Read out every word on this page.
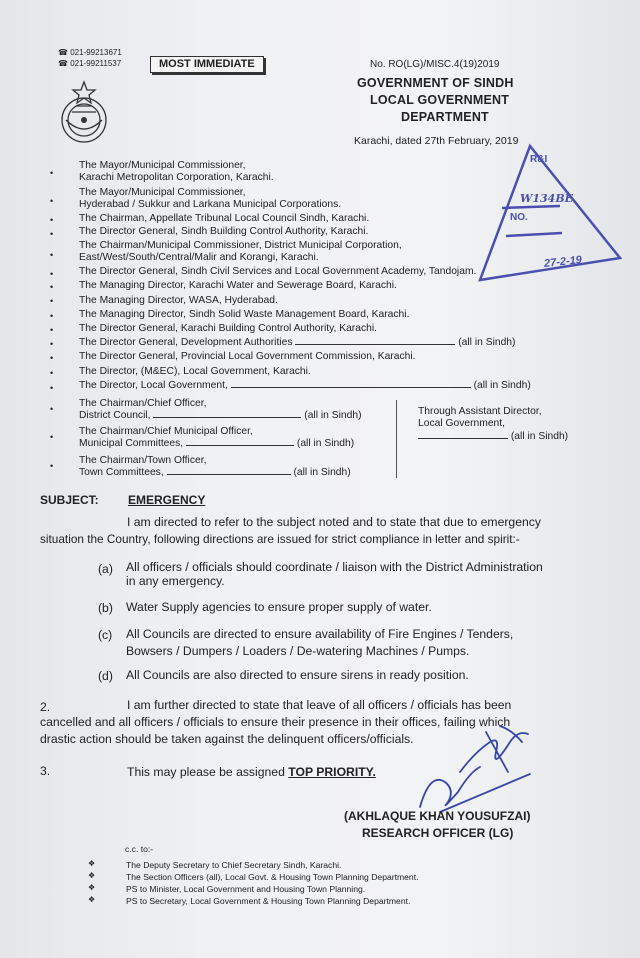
☎ 021-99213671
☎ 021-99211537	MOST IMMEDIATE	No. RO(LG)/MISC.4(19)2019
GOVERNMENT OF SINDH
LOCAL GOVERNMENT
DEPARTMENT
Karachi, dated 27th February, 2019
R&I
W134BE
NO.
27-2-19
•
The Mayor/Municipal Commissioner,
Karachi Metropolitan Corporation, Karachi.
•
The Mayor/Municipal Commissioner,
Hyderabad / Sukkur and Larkana Municipal Corporations.
•	The Chairman, Appellate Tribunal Local Council Sindh, Karachi.
•	The Director General, Sindh Building Control Authority, Karachi.
•
The Chairman/Municipal Commissioner, District Municipal Corporation,
East/West/South/Central/Malir and Korangi, Karachi.
•	The Director General, Sindh Civil Services and Local Government Academy, Tandojam.
•	The Managing Director, Karachi Water and Sewerage Board, Karachi.
•	The Managing Director, WASA, Hyderabad.
•	The Managing Director, Sindh Solid Waste Management Board, Karachi.
•	The Director General, Karachi Building Control Authority, Karachi.
•	The Director General, Development Authorities	(all in Sindh)
•	The Director General, Provincial Local Government Commission, Karachi.
•	The Director, (M&EC), Local Government, Karachi.
•	The Director, Local Government,	(all in Sindh)
•	The Chairman/Chief Officer,
District Council,	(all in Sindh)
•	The Chairman/Chief Municipal Officer,
Municipal Committees,	(all in Sindh)
•	The Chairman/Town Officer,
Town Committees,	(all in Sindh)
Through Assistant Director,
Local Government,
(all in Sindh)
SUBJECT: EMERGENCY
I am directed to refer to the subject noted and to state that due to emergency
situation the Country, following directions are issued for strict compliance in letter and spirit:-
(a) All officers / officials should coordinate / liaison with the District Administration
in any emergency.
(b) Water Supply agencies to ensure proper supply of water.
(c) All Councils are directed to ensure availability of Fire Engines / Tenders,
Bowsers / Dumpers / Loaders / De-watering Machines / Pumps.
(d) All Councils are also directed to ensure sirens in ready position.
2.	I am further directed to state that leave of all officers / officials has been
cancelled and all officers / officials to ensure their presence in their offices, failing which
drastic action should be taken against the delinquent officers/officials.
3.	This may please be assigned TOP PRIORITY.
(AKHLAQUE KHAN YOUSUFZAI)
RESEARCH OFFICER (LG)
c.c. to:-
❖	The Deputy Secretary to Chief Secretary Sindh, Karachi.
❖	The Section Officers (all), Local Govt. & Housing Town Planning Department.
❖	PS to Minister, Local Government and Housing Town Planning.
❖	PS to Secretary, Local Government & Housing Town Planning Department.
